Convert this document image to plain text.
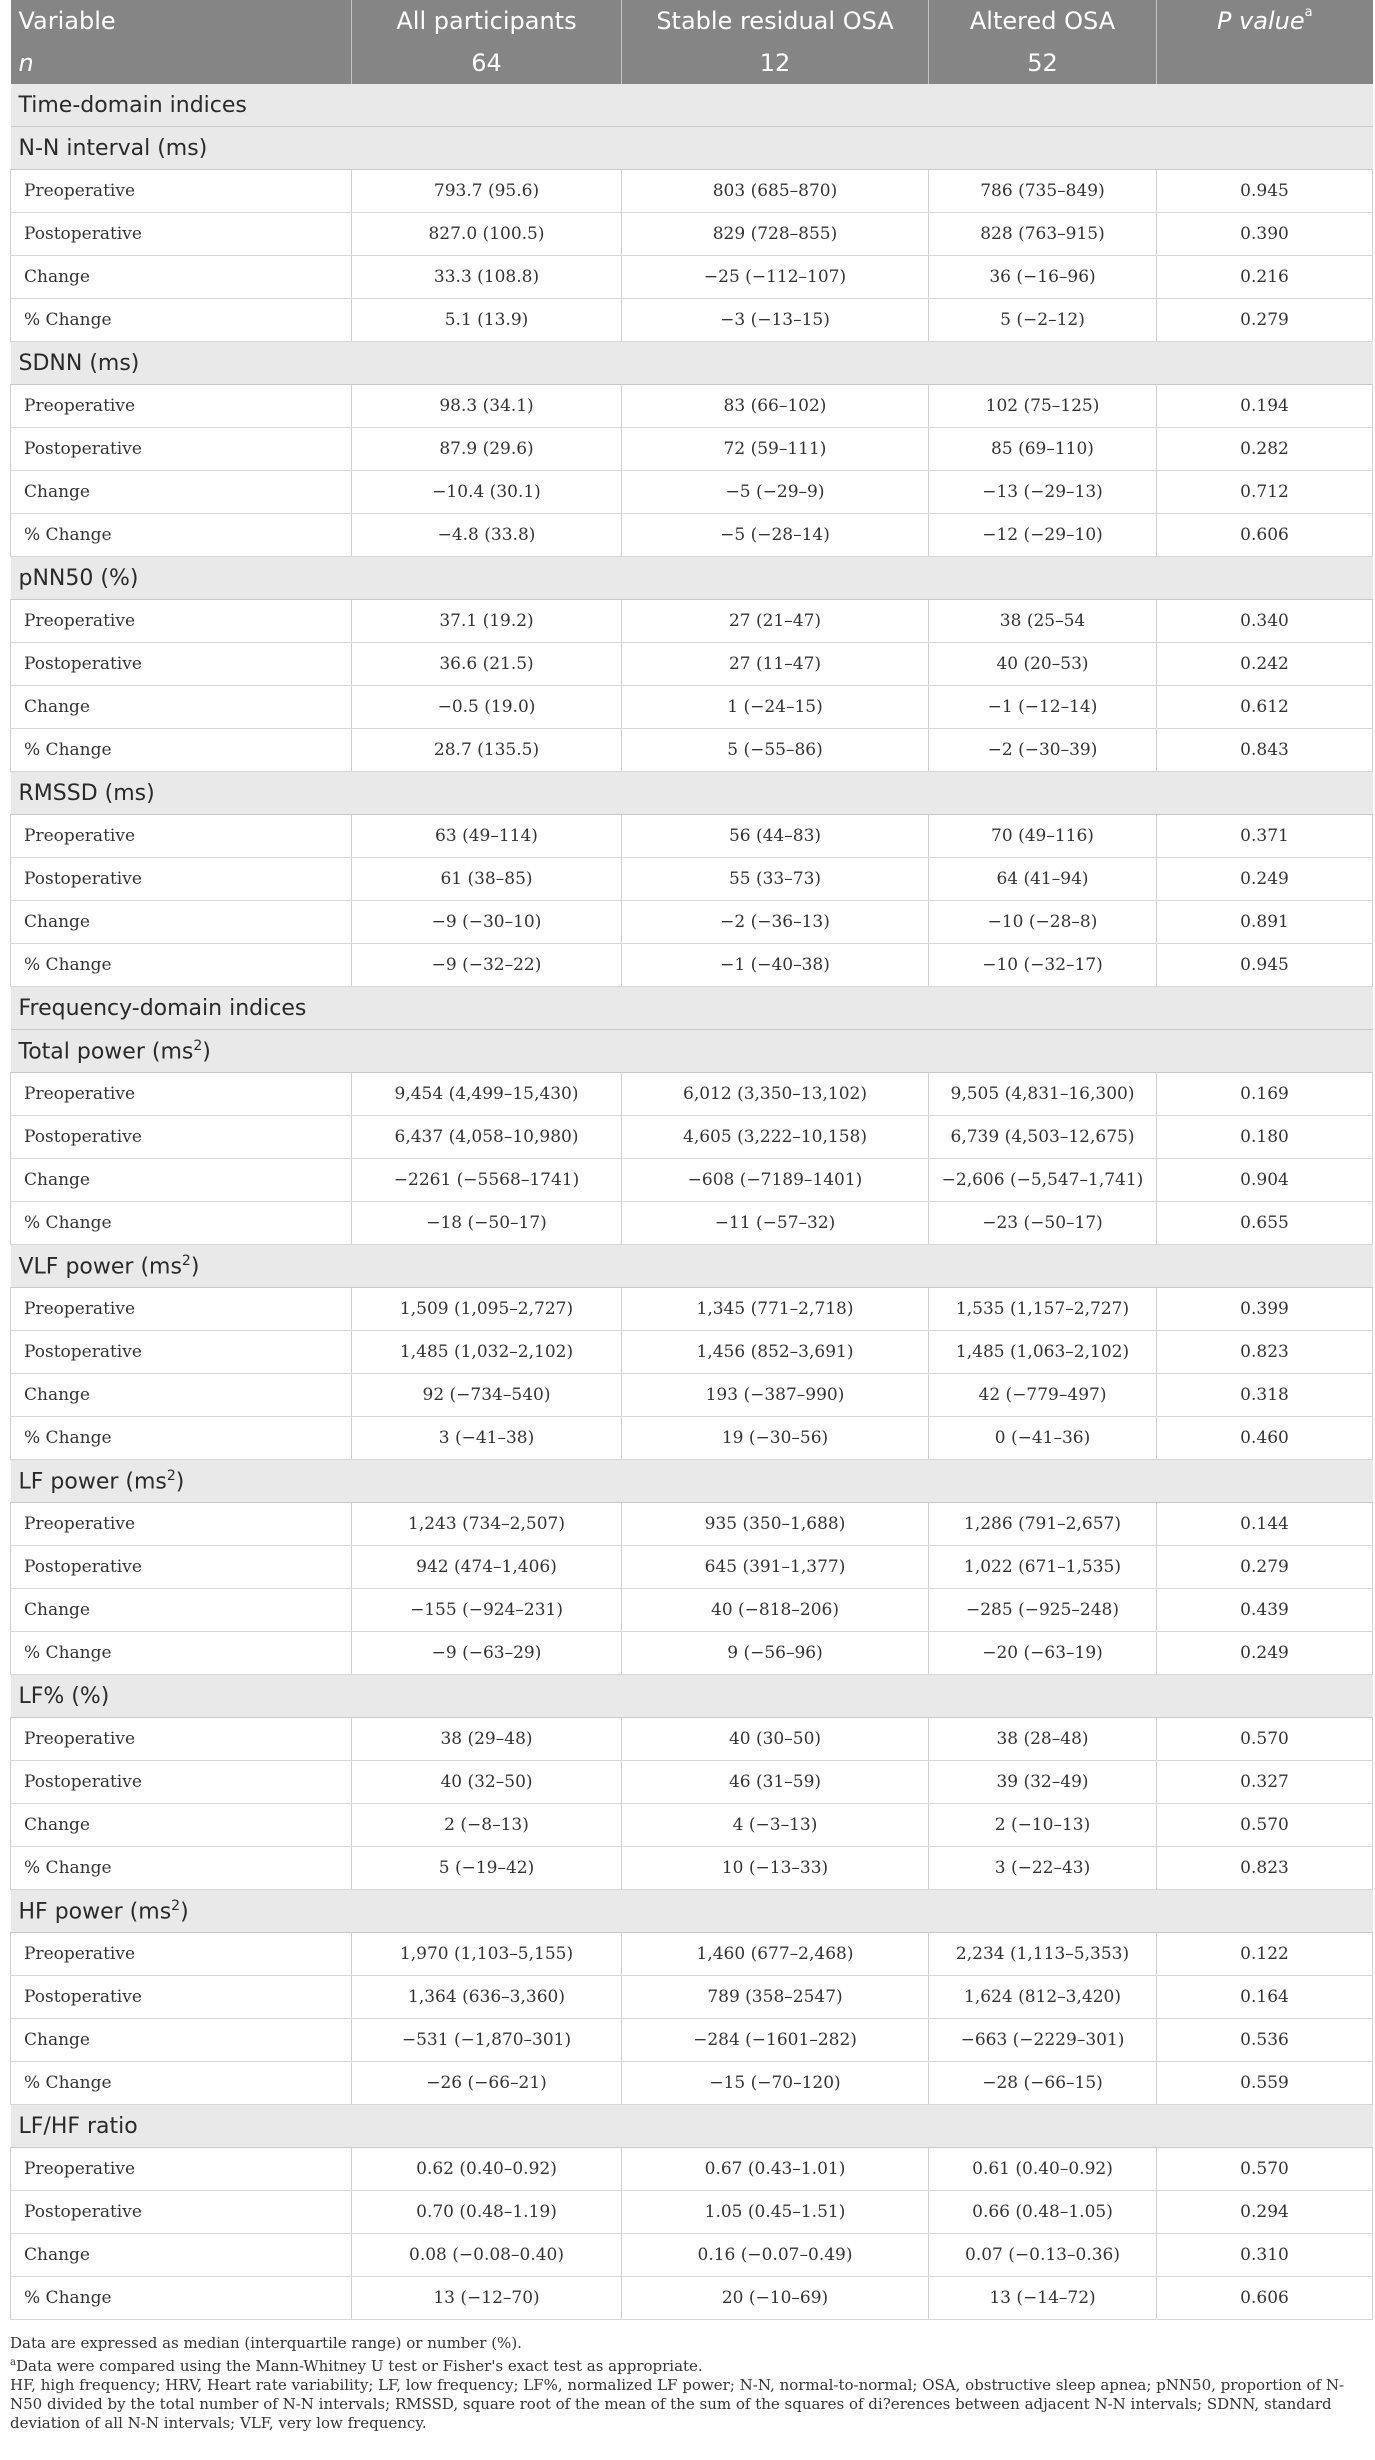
Variable	All participants	Stable residual OSA	Altered OSA	P value$^a$
n	64	12	52	
Time-domain indices				
N-N interval (ms)				
Preoperative	793.7 (95.6)	803 (685–870)	786 (735–849)	0.945
Postoperative	827.0 (100.5)	829 (728–855)	828 (763–915)	0.390
Change	33.3 (108.8)	−25 (−112–107)	36 (−16–96)	0.216
% Change	5.1 (13.9)	−3 (−13–15)	5 (−2–12)	0.279
SDNN (ms)				
Preoperative	98.3 (34.1)	83 (66–102)	102 (75–125)	0.194
Postoperative	87.9 (29.6)	72 (59–111)	85 (69–110)	0.282
Change	−10.4 (30.1)	−5 (−29–9)	−13 (−29–13)	0.712
% Change	−4.8 (33.8)	−5 (−28–14)	−12 (−29–10)	0.606
pNN50 (%)				
Preoperative	37.1 (19.2)	27 (21–47)	38 (25–54	0.340
Postoperative	36.6 (21.5)	27 (11–47)	40 (20–53)	0.242
Change	−0.5 (19.0)	1 (−24–15)	−1 (−12–14)	0.612
% Change	28.7 (135.5)	5 (−55–86)	−2 (−30–39)	0.843
RMSSD (ms)				
Preoperative	63 (49–114)	56 (44–83)	70 (49–116)	0.371
Postoperative	61 (38–85)	55 (33–73)	64 (41–94)	0.249
Change	−9 (−30–10)	−2 (−36–13)	−10 (−28–8)	0.891
% Change	−9 (−32–22)	−1 (−40–38)	−10 (−32–17)	0.945
Frequency-domain indices				
Total power $(ms^2)$				
Preoperative	9,454 (4,499–15,430)	6,012 (3,350–13,102)	9,505 (4,831–16,300)	0.169
Postoperative	6,437 (4,058–10,980)	4,605 (3,222–10,158)	6,739 (4,503–12,675)	0.180
Change	−2261 (−5568–1741)	−608 (−7189–1401)	−2,606 (−5,547–1,741)	0.904
% Change	−18 (−50–17)	−11 (−57–32)	−23 (−50–17)	0.655
VLF power $(ms^2)$				
Preoperative	1,509 (1,095–2,727)	1,345 (771–2,718)	1,535 (1,157–2,727)	0.399
Postoperative	1,485 (1,032–2,102)	1,456 (852–3,691)	1,485 (1,063–2,102)	0.823
Change	92 (−734–540)	193 (−387–990)	42 (−779–497)	0.318
% Change	3 (−41–38)	19 (−30–56)	0 (−41–36)	0.460
LF power $(ms^2)$				
Preoperative	1,243 (734–2,507)	935 (350–1,688)	1,286 (791–2,657)	0.144
Postoperative	942 (474–1,406)	645 (391–1,377)	1,022 (671–1,535)	0.279
Change	−155 (−924–231)	40 (−818–206)	−285 (−925–248)	0.439
% Change	−9 (−63–29)	9 (−56–96)	−20 (−63–19)	0.249
LF% (%)				
Preoperative	38 (29–48)	40 (30–50)	38 (28–48)	0.570
Postoperative	40 (32–50)	46 (31–59)	39 (32–49)	0.327
Change	2 (−8–13)	4 (−3–13)	2 (−10–13)	0.570
% Change	5 (−19–42)	10 (−13–33)	3 (−22–43)	0.823
HF power $(ms^2)$				
Preoperative	1,970 (1,103–5,155)	1,460 (677–2,468)	2,234 (1,113–5,353)	0.122
Postoperative	1,364 (636–3,360)	789 (358–2547)	1,624 (812–3,420)	0.164
Change	−531 (−1,870–301)	−284 (−1601–282)	−663 (−2229–301)	0.536
% Change	−26 (−66–21)	−15 (−70–120)	−28 (−66–15)	0.559
LF/HF ratio				
Preoperative	0.62 (0.40–0.92)	0.67 (0.43–1.01)	0.61 (0.40–0.92)	0.570
Postoperative	0.70 (0.48–1.19)	1.05 (0.45–1.51)	0.66 (0.48–1.05)	0.294
Change	0.08 (−0.08–0.40)	0.16 (−0.07–0.49)	0.07 (−0.13–0.36)	0.310
% Change	13 (−12–70)	20 (−10–69)	13 (−14–72)	0.606

Data are expressed as median (interquartile range) or number (%).

$^a$Data were compared using the Mann-Whitney U test or Fisher's exact test as appropriate.

HF, high frequency; HRV, Heart rate variability; LF, low frequency; LF%, normalized LF power; N-N, normal-to-normal; OSA, obstructive sleep apnea; pNN50, proportion of N-N50 divided by the total number of N-N intervals; RMSSD, square root of the mean of the sum of the squares of di?erences between adjacent N-N intervals; SDNN, standard deviation of all N-N intervals; VLF, very low frequency.
